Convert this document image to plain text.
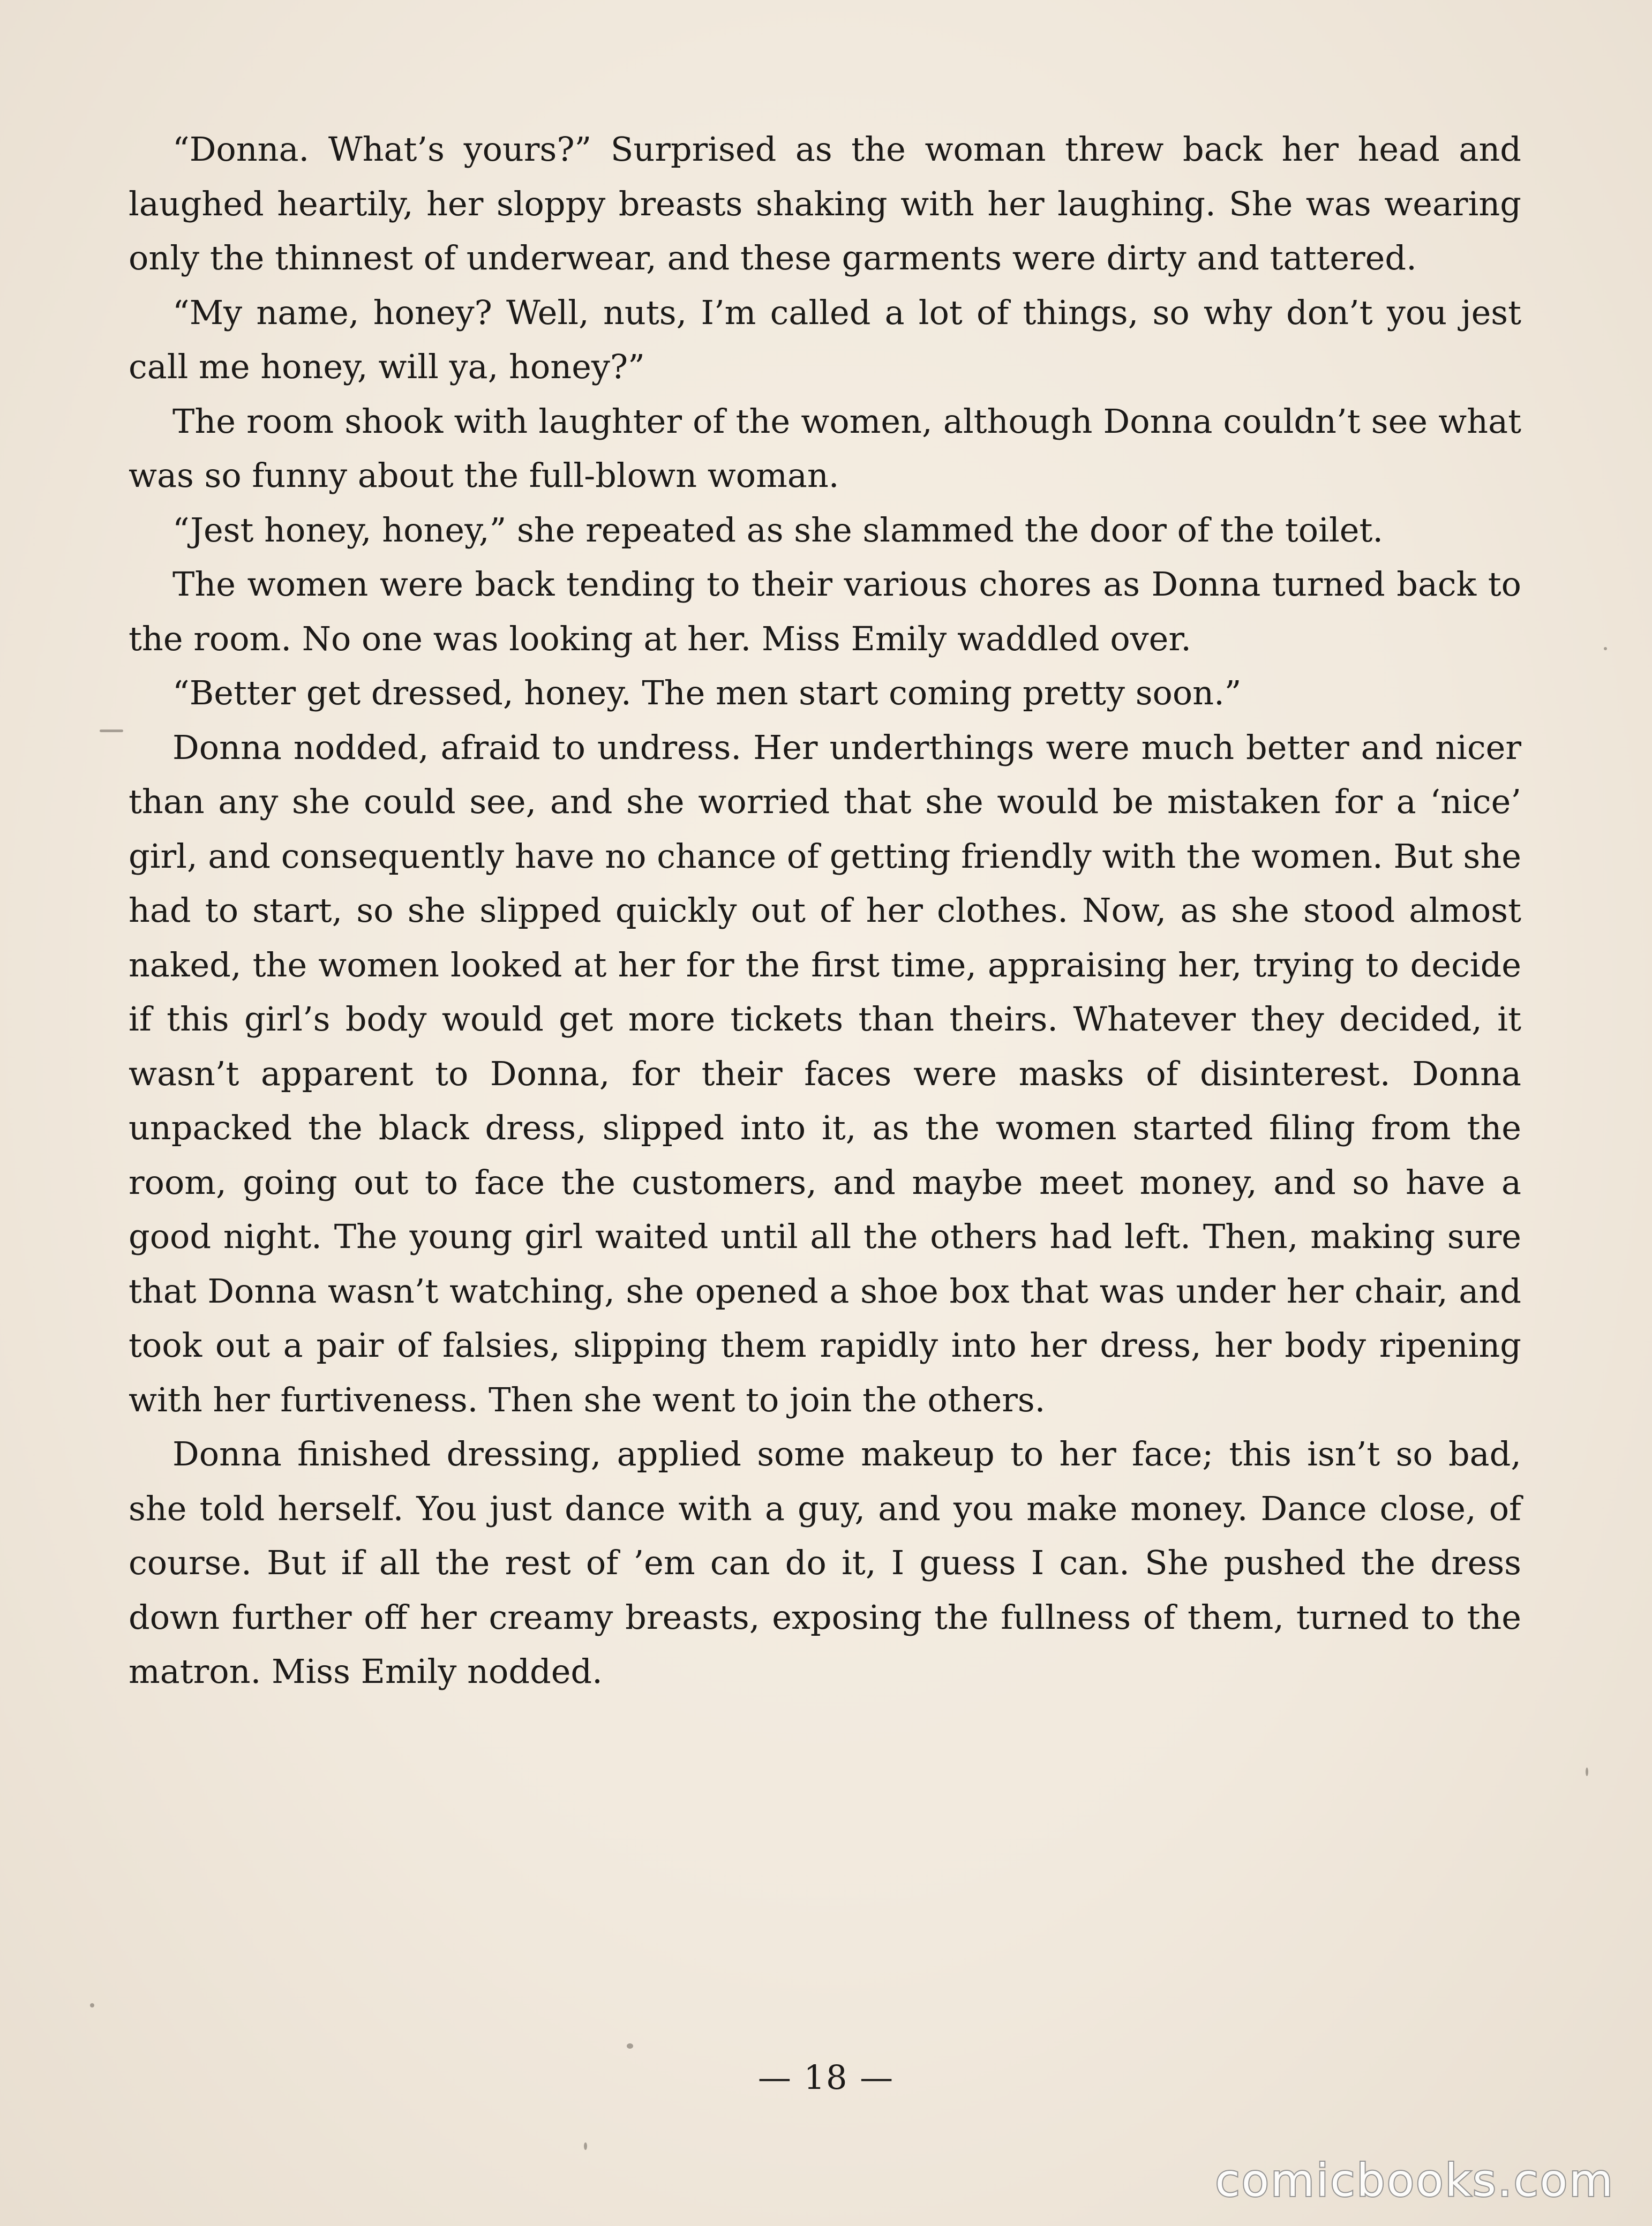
“Donna. What’s yours?” Surprised as the woman threw back her head and laughed heartily, her sloppy breasts shaking with her laughing. She was wearing only the thinnest of underwear, and these garments were dirty and tattered.

“My name, honey? Well, nuts, I’m called a lot of things, so why don’t you jest call me honey, will ya, honey?”

The room shook with laughter of the women, although Donna couldn’t see what was so funny about the full-blown woman.

“Jest honey, honey,” she repeated as she slammed the door of the toilet.

The women were back tending to their various chores as Donna turned back to the room. No one was looking at her. Miss Emily waddled over.

“Better get dressed, honey. The men start coming pretty soon.”

Donna nodded, afraid to undress. Her underthings were much better and nicer than any she could see, and she worried that she would be mistaken for a ‘nice’ girl, and consequently have no chance of getting friendly with the women. But she had to start, so she slipped quickly out of her clothes. Now, as she stood almost naked, the women looked at her for the first time, appraising her, trying to decide if this girl’s body would get more tickets than theirs. Whatever they decided, it wasn’t apparent to Donna, for their faces were masks of disinterest. Donna unpacked the black dress, slipped into it, as the women started filing from the room, going out to face the customers, and maybe meet money, and so have a good night. The young girl waited until all the others had left. Then, making sure that Donna wasn’t watching, she opened a shoe box that was under her chair, and took out a pair of falsies, slipping them rapidly into her dress, her body ripening with her furtiveness. Then she went to join the others.

Donna finished dressing, applied some makeup to her face; this isn’t so bad, she told herself. You just dance with a guy, and you make money. Dance close, of course. But if all the rest of ’em can do it, I guess I can. She pushed the dress down further off her creamy breasts, exposing the fullness of them, turned to the matron. Miss Emily nodded.

— 18 —
comicbooks.com
